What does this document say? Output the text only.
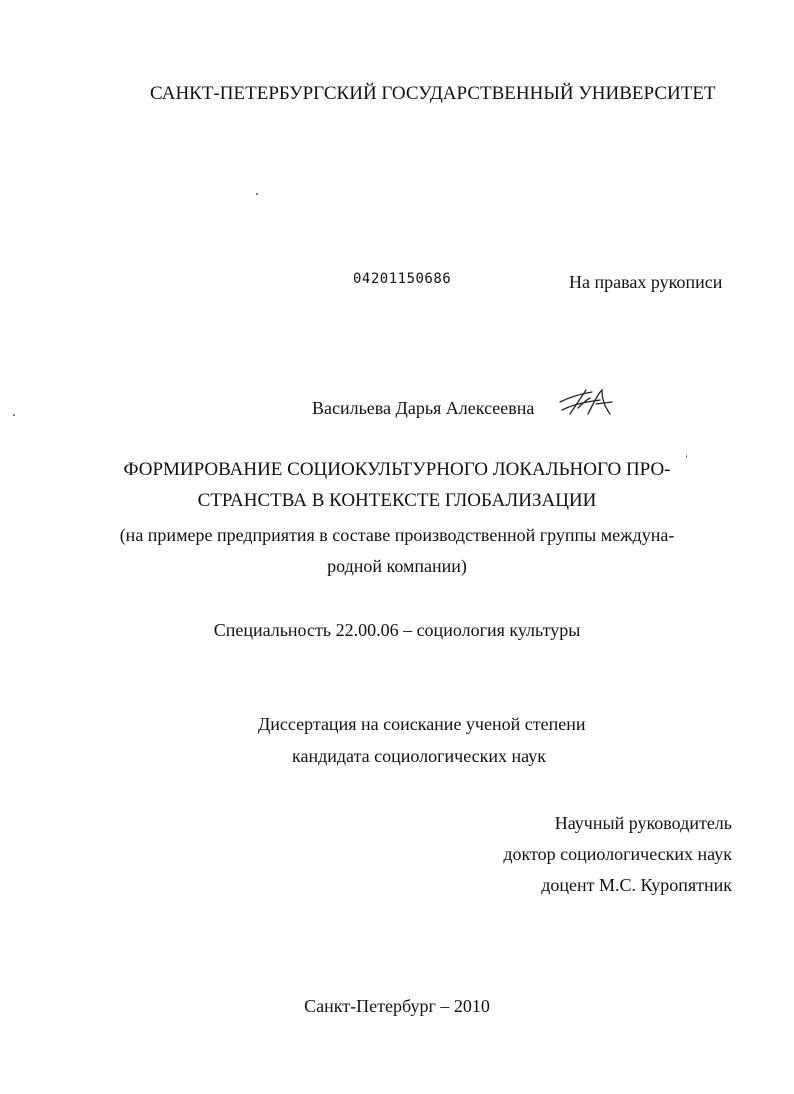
САНКТ-ПЕТЕРБУРГСКИЙ ГОСУДАРСТВЕННЫЙ УНИВЕРСИТЕТ
04201150686	На правах рукописи
Васильева Дарья Алексеевна
ФОРМИРОВАНИЕ СОЦИОКУЛЬТУРНОГО ЛОКАЛЬНОГО ПРО-
СТРАНСТВА В КОНТЕКСТЕ ГЛОБАЛИЗАЦИИ
(на примере предприятия в составе производственной группы междуна-
родной компании)
Специальность 22.00.06 – социология культуры
Диссертация на соискание ученой степени
кандидата социологических наук
Научный руководитель
доктор социологических наук
доцент М.С. Куропятник
Санкт-Петербург – 2010
